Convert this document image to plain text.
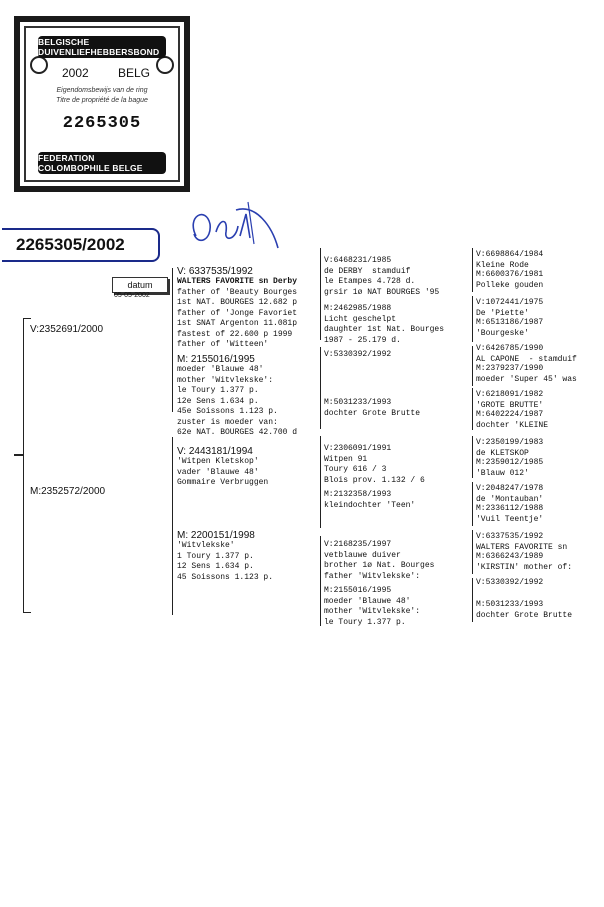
BELGISCHE DUIVENLIEFHEBBERSBOND
2002 BELG
Eigendomsbewijs van de ring
Titre de propriété de la bague
2265305
FEDERATION COLOMBOPHILE BELGE
2265305/2002
datum
05-05-2002
V:2352691/2000
M:2352572/2000
V: 6337535/1992
WALTERS FAVORITE sn Derby
father of 'Beauty Bourges
1st NAT. BOURGES 12.682 p
father of 'Jonge Favoriet
1st SNAT Argenton 11.081p
fastest of 22.600 p 1999
father of 'Witteen'
M: 2155016/1995
moeder 'Blauwe 48'
mother 'Witvlekske':
le Toury 1.377 p.
12e Sens 1.634 p.
45e Soissons 1.123 p.
zuster is moeder van:
62e NAT. BOURGES 42.700 d
V: 2443181/1994
'Witpen Kletskop'
vader 'Blauwe 48'
Gommaire Verbruggen
M: 2200151/1998
'Witvlekske'
1 Toury 1.377 p.
12 Sens 1.634 p.
45 Soissons 1.123 p.
V:6468231/1985
de DERBY  stamduif
le Etampes 4.728 d.
grsir 1ø NAT BOURGES '95
M:2462985/1988
Licht geschelpt
daughter 1st Nat. Bourges
1987 - 25.179 d.
V:5330392/1992
M:5031233/1993
dochter Grote Brutte
V:2306091/1991
Witpen 91
Toury 616 / 3
Blois prov. 1.132 / 6
M:2132358/1993
kleindochter 'Teen'
V:2168235/1997
vetblauwe duiver
brother 1ø Nat. Bourges
father 'Witvlekske':
M:2155016/1995
moeder 'Blauwe 48'
mother 'Witvlekske':
le Toury 1.377 p.
V:6698864/1984
Kleine Rode
M:6600376/1981
Polleke gouden
V:1072441/1975
De 'Piette'
M:6513186/1987
'Bourgeske'
V:6426785/1990
AL CAPONE  - stamduif
M:2379237/1990
moeder 'Super 45' was
V:6218091/1982
'GROTE BRUTTE'
M:6402224/1987
dochter 'KLEINE
V:2350199/1983
de KLETSKOP
M:2359012/1985
'Blauw 012'
V:2048247/1978
de 'Montauban'
M:2336112/1988
'Vuil Teentje'
V:6337535/1992
WALTERS FAVORITE sn
M:6366243/1989
'KIRSTIN' mother of:
V:5330392/1992
M:5031233/1993
dochter Grote Brutte
